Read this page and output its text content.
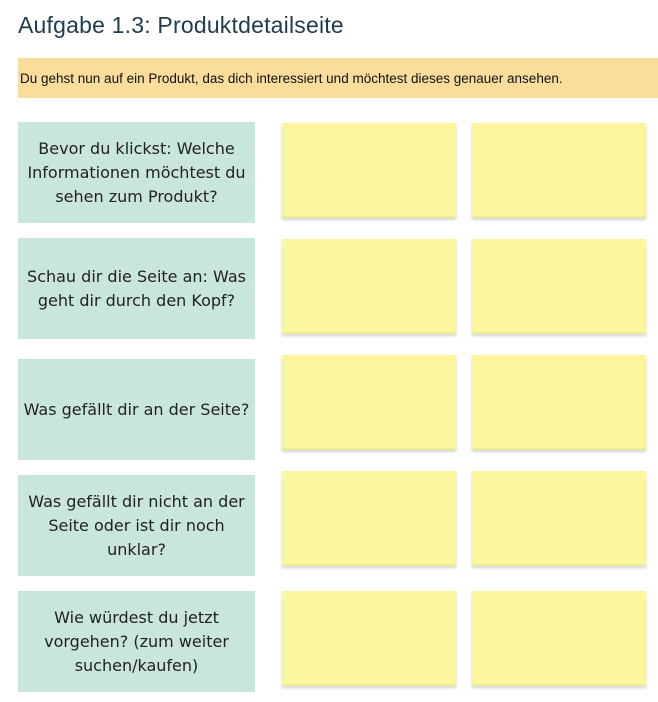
Aufgabe 1.3: Produktdetailseite
Du gehst nun auf ein Produkt, das dich interessiert und möchtest dieses genauer ansehen.
Bevor du klickst: Welche Informationen möchtest du sehen zum Produkt?
Schau dir die Seite an: Was geht dir durch den Kopf?
Was gefällt dir an der Seite?
Was gefällt dir nicht an der Seite oder ist dir noch unklar?
Wie würdest du jetzt vorgehen? (zum weiter suchen/kaufen)
